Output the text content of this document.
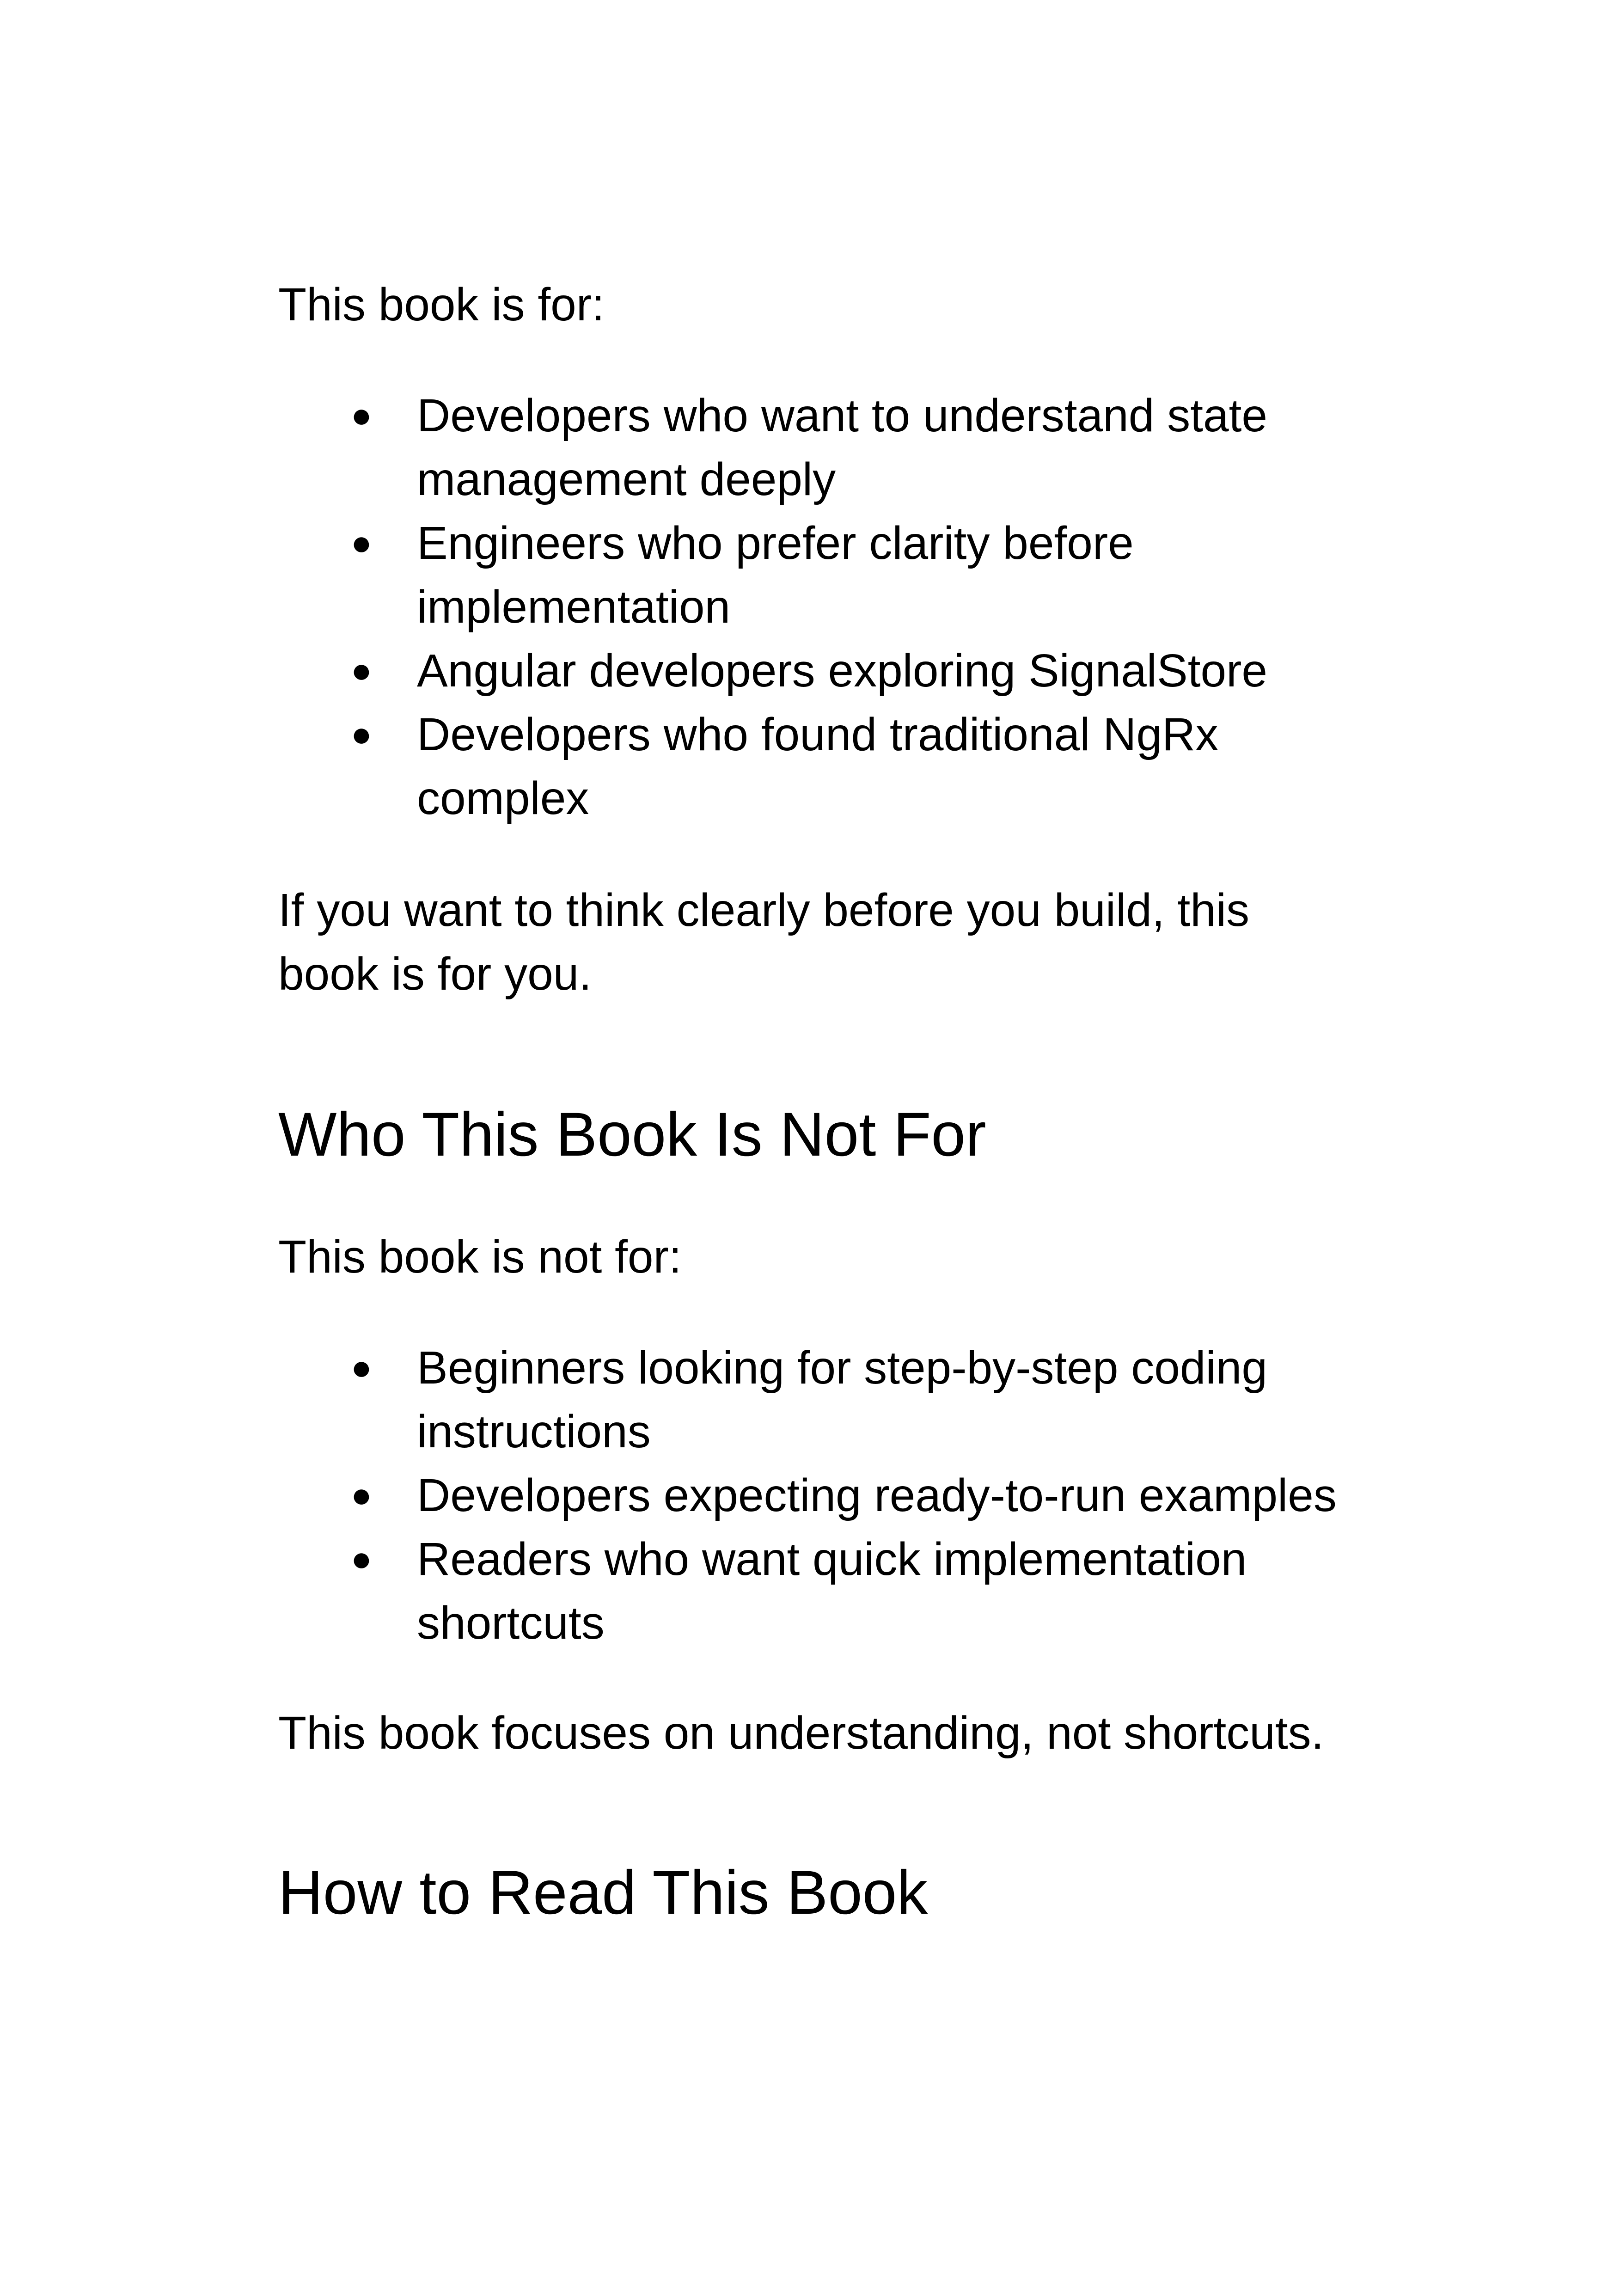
This book is for:

● Developers who want to understand state
management deeply
● Engineers who prefer clarity before
implementation
● Angular developers exploring SignalStore
● Developers who found traditional NgRx
complex

If you want to think clearly before you build, this
book is for you.

Who This Book Is Not For

This book is not for:

● Beginners looking for step-by-step coding
instructions
● Developers expecting ready-to-run examples
● Readers who want quick implementation
shortcuts

This book focuses on understanding, not shortcuts.

How to Read This Book
